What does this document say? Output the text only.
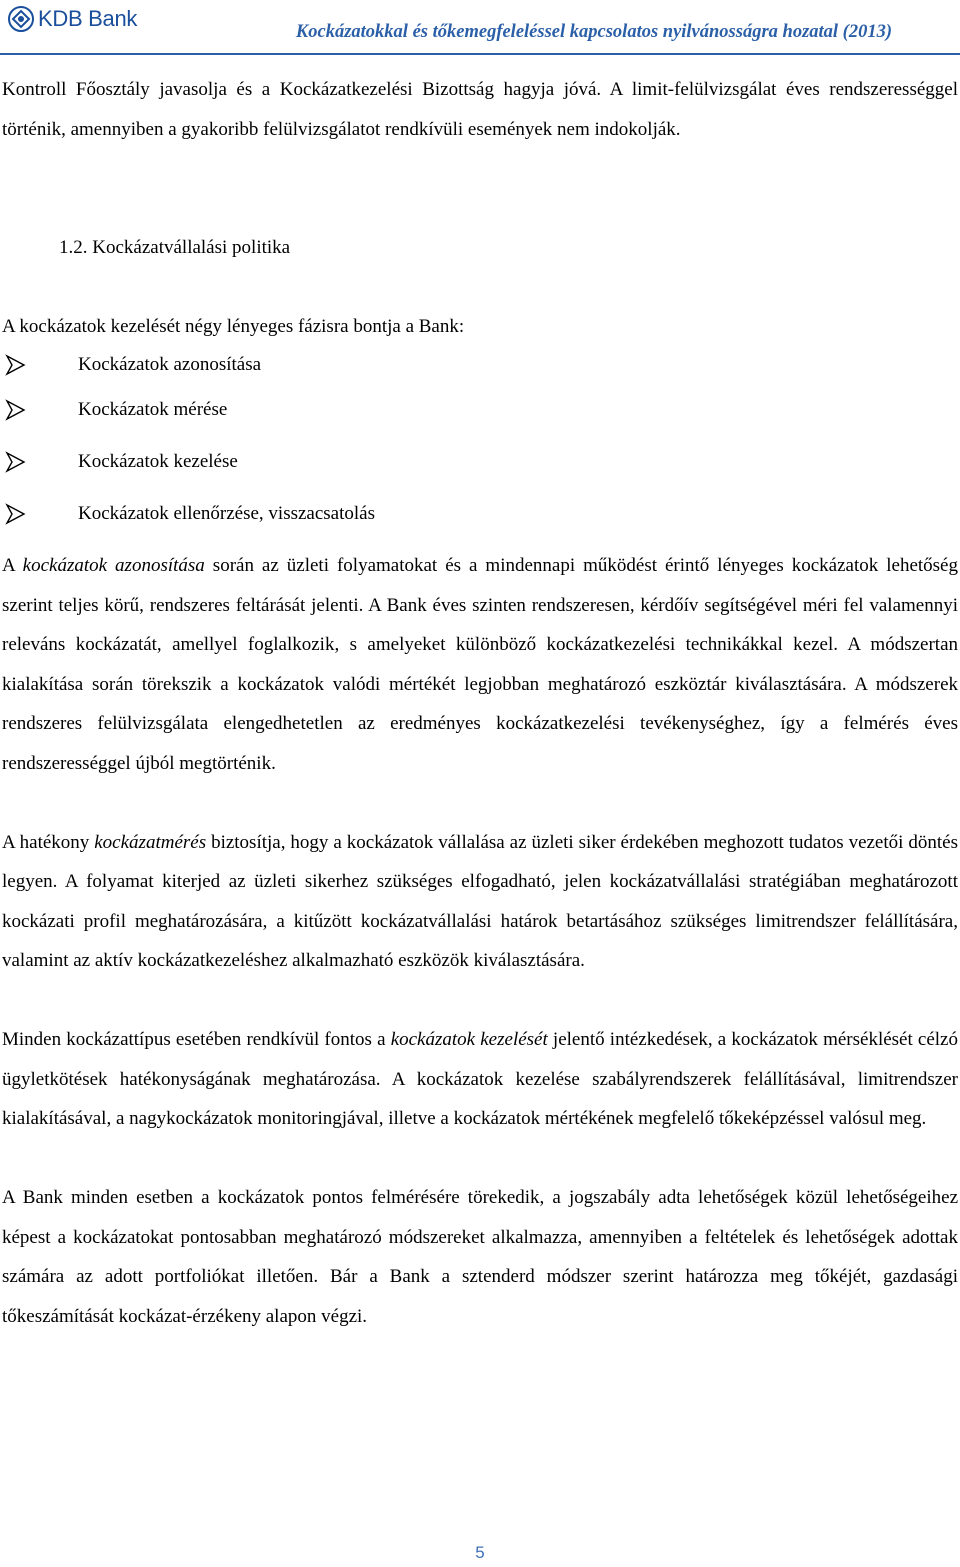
KDB Bank
Kockázatokkal és tőkemegfeleléssel kapcsolatos nyilvánosságra hozatal (2013)

Kontroll Főosztály javasolja és a Kockázatkezelési Bizottság hagyja jóvá. A limit-felülvizsgálat éves rendszerességgel történik, amennyiben a gyakoribb felülvizsgálatot rendkívüli események nem indokolják.

1.2. Kockázatvállalási politika

A kockázatok kezelését négy lényeges fázisra bontja a Bank:

Kockázatok azonosítása
Kockázatok mérése
Kockázatok kezelése
Kockázatok ellenőrzése, visszacsatolás

A kockázatok azonosítása során az üzleti folyamatokat és a mindennapi működést érintő lényeges kockázatok lehetőség szerint teljes körű, rendszeres feltárását jelenti. A Bank éves szinten rendszeresen, kérdőív segítségével méri fel valamennyi releváns kockázatát, amellyel foglalkozik, s amelyeket különböző kockázatkezelési technikákkal kezel. A módszertan kialakítása során törekszik a kockázatok valódi mértékét legjobban meghatározó eszköztár kiválasztására. A módszerek rendszeres felülvizsgálata elengedhetetlen az eredményes kockázatkezelési tevékenységhez, így a felmérés éves rendszerességgel újból megtörténik.

A hatékony kockázatmérés biztosítja, hogy a kockázatok vállalása az üzleti siker érdekében meghozott tudatos vezetői döntés legyen. A folyamat kiterjed az üzleti sikerhez szükséges elfogadható, jelen kockázatvállalási stratégiában meghatározott kockázati profil meghatározására, a kitűzött kockázatvállalási határok betartásához szükséges limitrendszer felállítására, valamint az aktív kockázatkezeléshez alkalmazható eszközök kiválasztására.

Minden kockázattípus esetében rendkívül fontos a kockázatok kezelését jelentő intézkedések, a kockázatok mérséklését célzó ügyletkötések hatékonyságának meghatározása. A kockázatok kezelése szabályrendszerek felállításával, limitrendszer kialakításával, a nagykockázatok monitoringjával, illetve a kockázatok mértékének megfelelő tőkeképzéssel valósul meg.

A Bank minden esetben a kockázatok pontos felmérésére törekedik, a jogszabály adta lehetőségek közül lehetőségeihez képest a kockázatokat pontosabban meghatározó módszereket alkalmazza, amennyiben a feltételek és lehetőségek adottak számára az adott portfoliókat illetően. Bár a Bank a sztenderd módszer szerint határozza meg tőkéjét, gazdasági tőkeszámítását kockázat-érzékeny alapon végzi.

5
